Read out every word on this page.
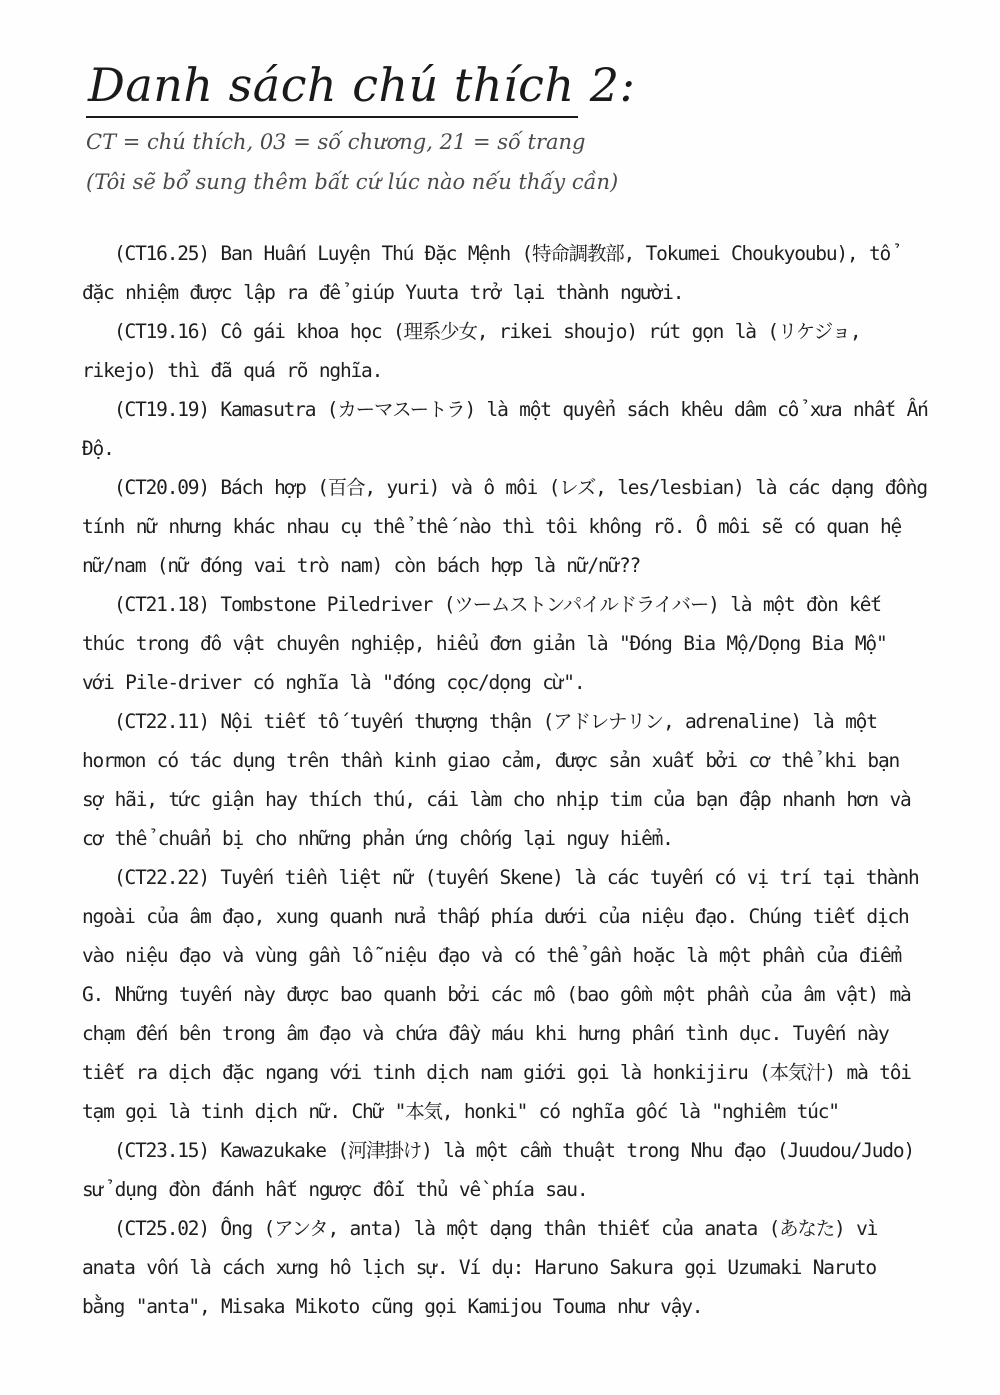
Danh sách chú thích 2:

CT = chú thích, 03 = số chương, 21 = số trang

(Tôi sẽ bổ sung thêm bất cứ lúc nào nếu thấy cần)

(CT16.25) Ban Huấn Luyện Thú Đặc Mệnh (特命調教部, Tokumei Choukyoubu), tổ đặc nhiệm được lập ra để giúp Yuuta trở lại thành người.

(CT19.16) Cô gái khoa học (理系少女, rikei shoujo) rút gọn là (リケジョ, rikejo) thì đã quá rõ nghĩa.

(CT19.19) Kamasutra (カーマスートラ) là một quyển sách khêu dâm cổ xưa nhất Ấn Độ.

(CT20.09) Bách hợp (百合, yuri) và ô môi (レズ, les/lesbian) là các dạng đồng tính nữ nhưng khác nhau cụ thể thế nào thì tôi không rõ. Ô môi sẽ có quan hệ nữ/nam (nữ đóng vai trò nam) còn bách hợp là nữ/nữ??

(CT21.18) Tombstone Piledriver (ツームストンパイルドライバー) là một đòn kết thúc trong đô vật chuyên nghiệp, hiểu đơn giản là "Đóng Bia Mộ/Dọng Bia Mộ" với Pile-driver có nghĩa là "đóng cọc/dọng cừ".

(CT22.11) Nội tiết tố tuyến thượng thận (アドレナリン, adrenaline) là một hormon có tác dụng trên thần kinh giao cảm, được sản xuất bởi cơ thể khi bạn sợ hãi, tức giận hay thích thú, cái làm cho nhịp tim của bạn đập nhanh hơn và cơ thể chuẩn bị cho những phản ứng chống lại nguy hiểm.

(CT22.22) Tuyến tiền liệt nữ (tuyến Skene) là các tuyến có vị trí tại thành ngoài của âm đạo, xung quanh nửa thấp phía dưới của niệu đạo. Chúng tiết dịch vào niệu đạo và vùng gần lỗ niệu đạo và có thể gần hoặc là một phần của điểm G. Những tuyến này được bao quanh bởi các mô (bao gồm một phần của âm vật) mà chạm đến bên trong âm đạo và chứa đầy máu khi hưng phấn tình dục. Tuyến này tiết ra dịch đặc ngang với tinh dịch nam giới gọi là honkijiru (本気汁) mà tôi tạm gọi là tinh dịch nữ. Chữ "本気, honki" có nghĩa gốc là "nghiêm túc"

(CT23.15) Kawazukake (河津掛け) là một cầm thuật trong Nhu đạo (Juudou/Judo) sử dụng đòn đánh hất ngược đối thủ về phía sau.

(CT25.02) Ông (アンタ, anta) là một dạng thân thiết của anata (あなた) vì anata vốn là cách xưng hô lịch sự. Ví dụ: Haruno Sakura gọi Uzumaki Naruto bằng "anta", Misaka Mikoto cũng gọi Kamijou Touma như vậy.
